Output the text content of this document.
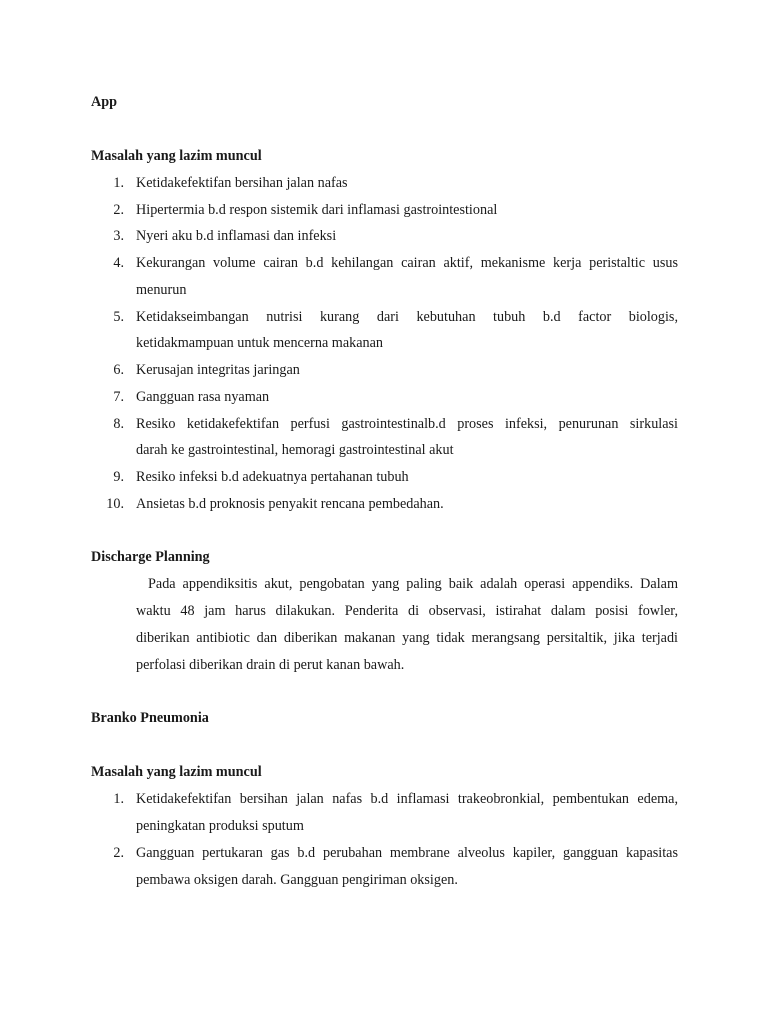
App
Masalah yang lazim muncul
1. Ketidakefektifan bersihan jalan nafas
2. Hipertermia b.d respon sistemik dari inflamasi gastrointestional
3. Nyeri aku b.d inflamasi dan infeksi
4. Kekurangan volume cairan b.d kehilangan cairan aktif, mekanisme kerja peristaltic usus
menurun
5. Ketidakseimbangan nutrisi kurang dari kebutuhan tubuh b.d factor biologis,
ketidakmampuan untuk mencerna makanan
6. Kerusajan integritas jaringan
7. Gangguan rasa nyaman
8. Resiko ketidakefektifan perfusi gastrointestinalb.d proses infeksi, penurunan sirkulasi
darah ke gastrointestinal, hemoragi gastrointestinal akut
9. Resiko infeksi b.d adekuatnya pertahanan tubuh
10. Ansietas b.d proknosis penyakit rencana pembedahan.
Discharge Planning
Pada appendiksitis akut, pengobatan yang paling baik adalah operasi appendiks. Dalam
waktu 48 jam harus dilakukan. Penderita di observasi, istirahat dalam posisi fowler,
diberikan antibiotic dan diberikan makanan yang tidak merangsang persitaltik, jika terjadi
perfolasi diberikan drain di perut kanan bawah.
Branko Pneumonia
Masalah yang lazim muncul
1. Ketidakefektifan bersihan jalan nafas b.d inflamasi trakeobronkial, pembentukan edema,
peningkatan produksi sputum
2. Gangguan pertukaran gas b.d perubahan membrane alveolus kapiler, gangguan kapasitas
pembawa oksigen darah. Gangguan pengiriman oksigen.
